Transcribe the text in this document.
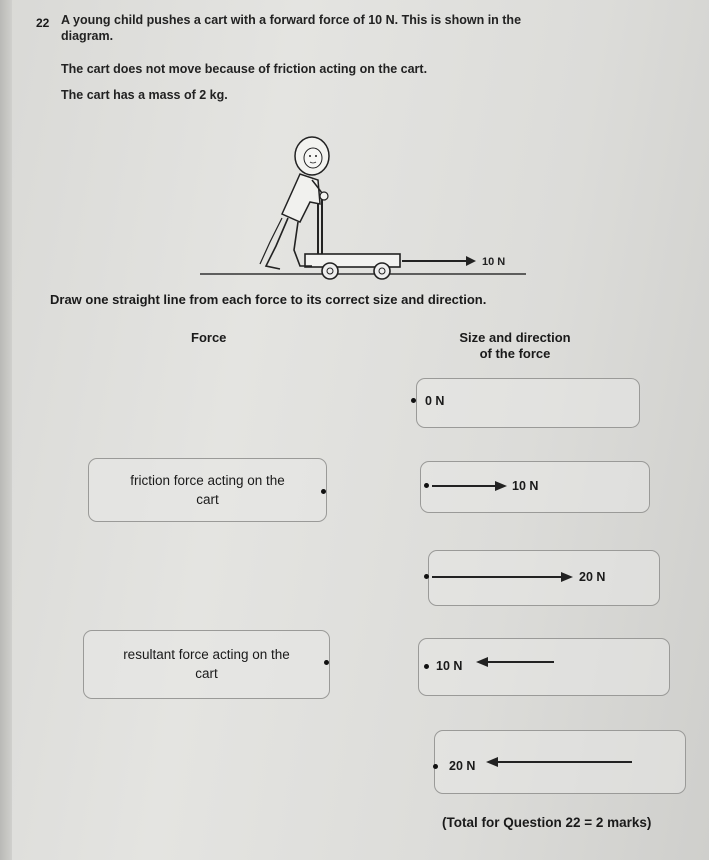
22 A young child pushes a cart with a forward force of 10 N. This is shown in the diagram.
The cart does not move because of friction acting on the cart.
The cart has a mass of 2 kg.
10 N
Draw one straight line from each force to its correct size and direction.
Force	Size and direction
of the force
friction force acting on the
cart
resultant force acting on the
cart
0 N
10 N
20 N
10 N
20 N
(Total for Question 22 = 2 marks)
